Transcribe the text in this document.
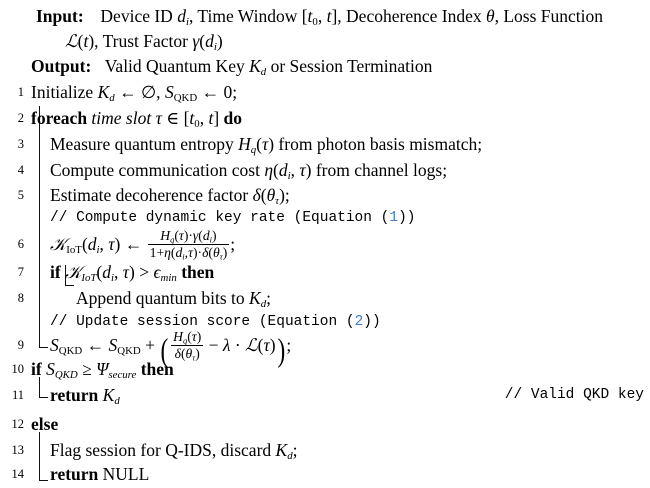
Input: Device ID $d_i$, Time Window [$t_0$, t], Decoherence Index θ, Loss Function
ℒ(t), Trust Factor $\gamma(d_i)$
Output: Valid Quantum Key $K_d$ or Session Termination
1 Initialize $K_d$ ← ∅, $S_{QKD}$ ← 0;
2 foreach time slot τ ∈ [$t_0$, t] do
3 Measure quantum entropy $H_q(\tau)$ from photon basis mismatch;
4 Compute communication cost $\eta(d_i$, τ) from channel logs;
5 Estimate decoherence factor $\delta(\theta_\tau)$;
// Compute dynamic key rate (Equation (1))
6 $𝒦_{IoT}(d_i$, τ) ← $\frac{H_q(\tau)\cdot\gamma(d_i)}{1+\eta(d_i,\tau)\cdot\delta(\theta_\tau)}$ ;
7 if $𝒦_{IoT}(d_i$, $\tau) > \epsilon_{min}$ then
8	Append quantum bits to $K_d$;
// Update session score (Equation (2))
9 $S_{QKD}$ ← $S_{QKD}$ + ( $\frac{H_q(\tau)}{\delta(\theta_\tau)} - \lambda$ · ℒ(τ));
10 if $S_{QKD} \ge \Psi_{secure}$ then
11 return $K_d$	// Valid QKD key
12 else
13 Flag session for Q-IDS, discard $K_d$;
14 return NULL
